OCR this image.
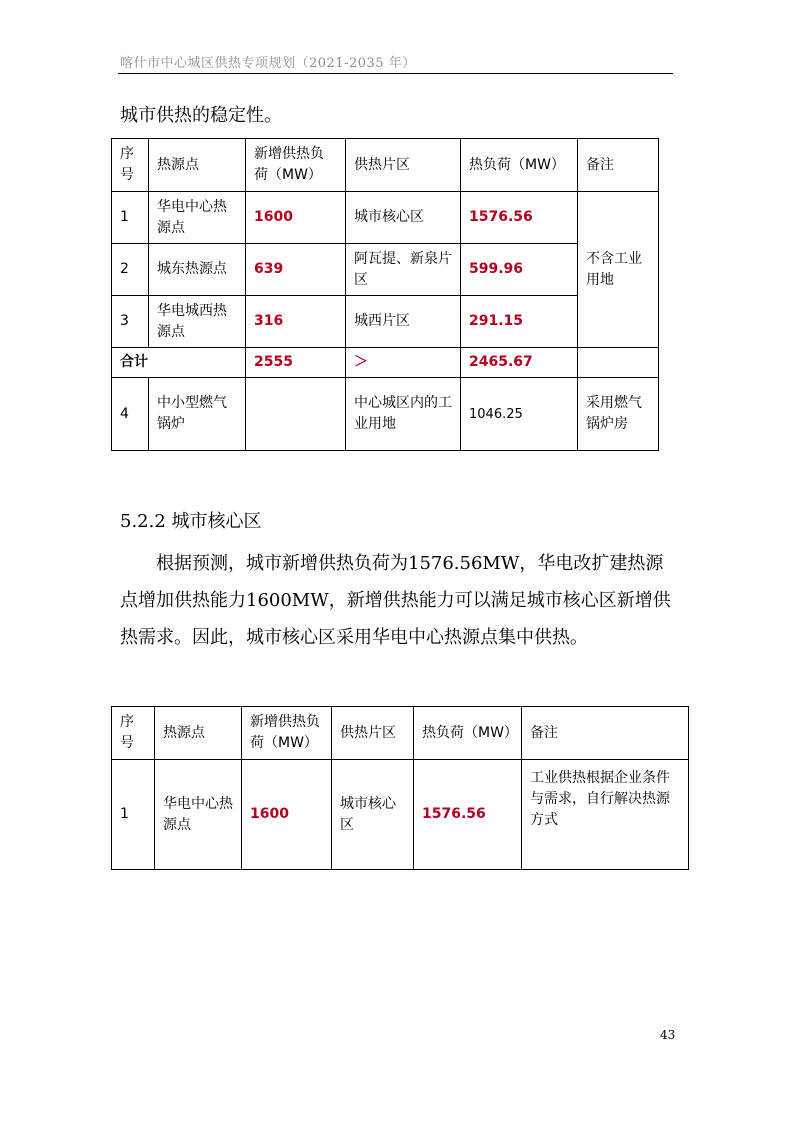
喀什市中心城区供热专项规划（2021-2035 年）

城市供热的稳定性。

序号	热源点	新增供热负荷（MW）	供热片区	热负荷（MW）	备注
1	华电中心热源点	1600	城市核心区	1576.56	不含工业用地
2	城东热源点	639	阿瓦提、新泉片区	599.96	
3	华电城西热源点	316	城西片区	291.15	
合计		2555	＞	2465.67	
4	中小型燃气锅炉		中心城区内的工业用地	1046.25	采用燃气锅炉房

5.2.2 城市核心区

根据预测，城市新增供热负荷为1576.56MW，华电改扩建热源点增加供热能力1600MW，新增供热能力可以满足城市核心区新增供热需求。因此，城市核心区采用华电中心热源点集中供热。

序号	热源点	新增供热负荷（MW）	供热片区	热负荷（MW）	备注
1	华电中心热源点	1600	城市核心区	1576.56	工业供热根据企业条件与需求，自行解决热源方式
43
